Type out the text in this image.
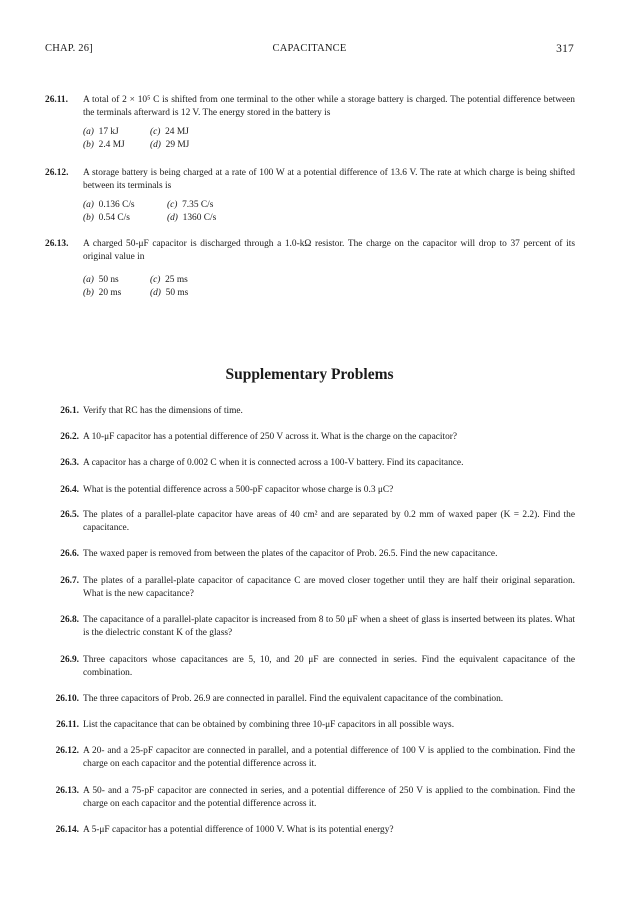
CHAP. 26]	CAPACITANCE	317
26.11. A total of 2 × 10⁵ C is shifted from one terminal to the other while a storage battery is charged. The potential difference between the terminals afterward is 12 V. The energy stored in the battery is
(a) 17 kJ
(b) 2.4 MJ
(c) 24 MJ
(d) 29 MJ
26.12. A storage battery is being charged at a rate of 100 W at a potential difference of 13.6 V. The rate at which charge is being shifted between its terminals is
(a) 0.136 C/s
(b) 0.54 C/s
(c) 7.35 C/s
(d) 1360 C/s
26.13. A charged 50-μF capacitor is discharged through a 1.0-kΩ resistor. The charge on the capacitor will drop to 37 percent of its original value in
(a) 50 ns
(b) 20 ms
(c) 25 ms
(d) 50 ms
Supplementary Problems
26.1. Verify that RC has the dimensions of time.
26.2. A 10-μF capacitor has a potential difference of 250 V across it. What is the charge on the capacitor?
26.3. A capacitor has a charge of 0.002 C when it is connected across a 100-V battery. Find its capacitance.
26.4. What is the potential difference across a 500-pF capacitor whose charge is 0.3 μC?
26.5. The plates of a parallel-plate capacitor have areas of 40 cm² and are separated by 0.2 mm of waxed paper (K = 2.2). Find the capacitance.
26.6. The waxed paper is removed from between the plates of the capacitor of Prob. 26.5. Find the new capacitance.
26.7. The plates of a parallel-plate capacitor of capacitance C are moved closer together until they are half their original separation. What is the new capacitance?
26.8. The capacitance of a parallel-plate capacitor is increased from 8 to 50 μF when a sheet of glass is inserted between its plates. What is the dielectric constant K of the glass?
26.9. Three capacitors whose capacitances are 5, 10, and 20 μF are connected in series. Find the equivalent capacitance of the combination.
26.10. The three capacitors of Prob. 26.9 are connected in parallel. Find the equivalent capacitance of the combination.
26.11. List the capacitance that can be obtained by combining three 10-μF capacitors in all possible ways.
26.12. A 20- and a 25-pF capacitor are connected in parallel, and a potential difference of 100 V is applied to the combination. Find the charge on each capacitor and the potential difference across it.
26.13. A 50- and a 75-pF capacitor are connected in series, and a potential difference of 250 V is applied to the combination. Find the charge on each capacitor and the potential difference across it.
26.14. A 5-μF capacitor has a potential difference of 1000 V. What is its potential energy?
